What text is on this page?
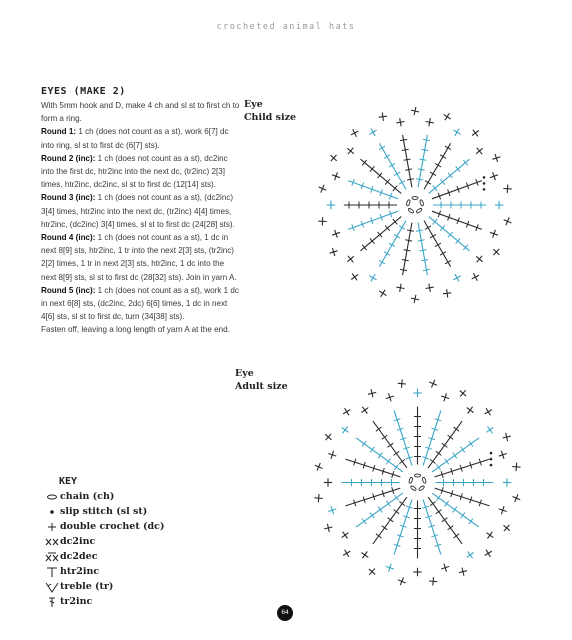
crocheted animal hats
EYES (MAKE 2)

With 5mm hook and D, make 4 ch and sl st to first ch to form a ring.

Round 1: 1 ch (does not count as a st), work 6[7] dc into ring, sl st to first dc (6[7] sts).

Round 2 (inc): 1 ch (does not count as a st), dc2inc into the first dc, htr2inc into the next dc, (tr2inc) 2[3] times, htr2inc, dc2inc, sl st to first dc (12[14] sts).

Round 3 (inc): 1 ch (does not count as a st), (dc2inc) 3[4] times, htr2inc into the next dc, (tr2inc) 4[4] times, htr2inc, (dc2inc) 3[4] times, sl st to first dc (24[28] sts).

Round 4 (inc): 1 ch (does not count as a st), 1 dc in next 8[9] sts, htr2inc, 1 tr into the next 2[3] sts, (tr2inc) 2[2] times, 1 tr in next 2[3] sts, htr2inc, 1 dc into the next 8[9] sts, sl st to first dc (28[32] sts). Join in yarn A.

Round 5 (inc): 1 ch (does not count as a st), work 1 dc in next 6[8] sts, (dc2inc, 2dc) 6[6] times, 1 dc in next 4[6] sts, sl st to first dc, turn (34[38] sts).

Fasten off, leaving a long length of yarn A at the end.

KEY
chain (ch)
slip stitch (sl st)
double crochet (dc)
dc2inc
dc2dec
htr2inc
treble (tr)
tr2inc
Eye
Child size
Eye
Adult size
64
